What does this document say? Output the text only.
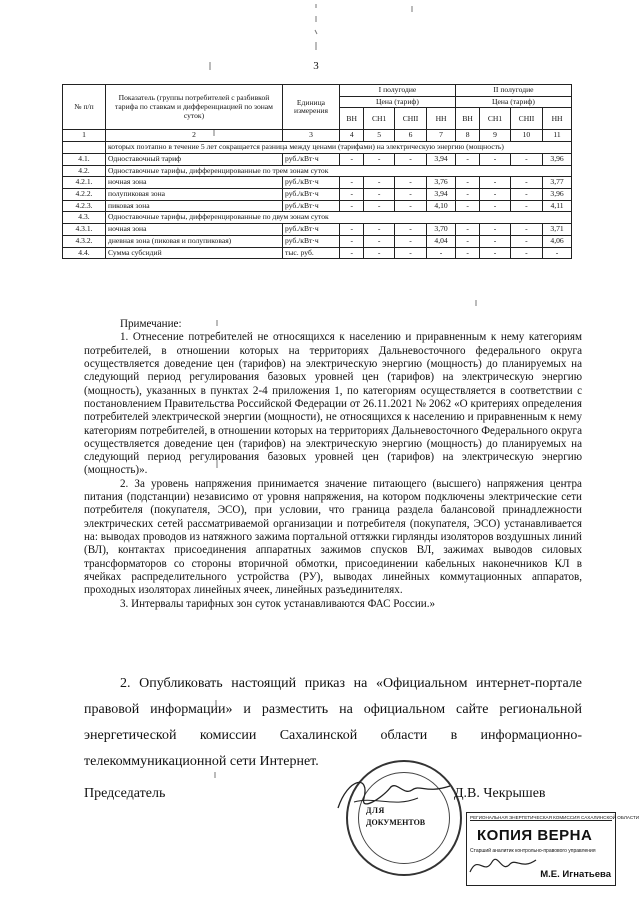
3
№ п/п	Показатель (группы потребителей с разбивкой тарифа по ставкам и дифференциацией по зонам суток)	Единица измерения	I полугодие				II полугодие			
			Цена (тариф)				Цена (тариф)			
			ВН	СН1	СНII	НН	ВН	СН1	СНII	НН
1	2	3	4	5	6	7	8	9	10	11
	которых поэтапно в течение 5 лет сокращается разница между ценами (тарифами) на электрическую энергию (мощность)									
4.1.	Одноставочный тариф	руб./кВт·ч	-	-	-	3,94	-	-	-	3,96
4.2.	Одноставочные тарифы, дифференцированные по трем зонам суток									
4.2.1.	ночная зона	руб./кВт·ч	-	-	-	3,76	-	-	-	3,77
4.2.2.	полупиковая зона	руб./кВт·ч	-	-	-	3,94	-	-	-	3,96
4.2.3.	пиковая зона	руб./кВт·ч	-	-	-	4,10	-	-	-	4,11
4.3.	Одноставочные тарифы, дифференцированные по двум зонам суток									
4.3.1.	ночная зона	руб./кВт·ч	-	-	-	3,70	-	-	-	3,71
4.3.2.	дневная зона (пиковая и полупиковая)	руб./кВт·ч	-	-	-	4,04	-	-	-	4,06
4.4.	Сумма субсидий	тыс. руб.	-	-	-	-	-	-	-	-

Примечание:

1. Отнесение потребителей не относящихся к населению и приравненным к нему категориям потребителей, в отношении которых на территориях Дальневосточного федерального округа осуществляется доведение цен (тарифов) на электрическую энергию (мощность) до планируемых на следующий период регулирования базовых уровней цен (тарифов) на электрическую энергию (мощность), указанных в пунктах 2-4 приложения 1, по категориям осуществляется в соответствии с постановлением Правительства Российской Федерации от 26.11.2021 № 2062 «О критериях определения потребителей электрической энергии (мощности), не относящихся к населению и приравненным к нему категориям потребителей, в отношении которых на территориях Дальневосточного Федерального округа осуществляется доведение цен (тарифов) на электрическую энергию (мощность) до планируемых на следующий период регулирования базовых уровней цен (тарифов) на электрическую энергию (мощность)».

2. За уровень напряжения принимается значение питающего (высшего) напряжения центра питания (подстанции) независимо от уровня напряжения, на котором подключены электрические сети потребителя (покупателя, ЭСО), при условии, что граница раздела балансовой принадлежности электрических сетей рассматриваемой организации и потребителя (покупателя, ЭСО) устанавливается на: выводах проводов из натяжного зажима портальной оттяжки гирлянды изоляторов воздушных линий (ВЛ), контактах присоединения аппаратных зажимов спусков ВЛ, зажимах выводов силовых трансформаторов со стороны вторичной обмотки, присоединении кабельных наконечников КЛ в ячейках распределительного устройства (РУ), выводах линейных коммутационных аппаратов, проходных изоляторах линейных ячеек, линейных разъединителях.

3. Интервалы тарифных зон суток устанавливаются ФАС России.»

2. Опубликовать настоящий приказ на «Официальном интернет-портале правовой информации» и разместить на официальном сайте региональной энергетической комиссии Сахалинской области в информационно-телекоммуникационной сети Интернет.

Председатель
ДЛЯ
ДОКУМЕНТОВ
Д.В. Чекрышев
РЕГИОНАЛЬНАЯ ЭНЕРГЕТИЧЕСКАЯ КОМИССИЯ САХАЛИНСКОЙ ОБЛАСТИ
КОПИЯ ВЕРНА
Старший аналитик контрольно-правового управления
М.Е. Игнатьева
